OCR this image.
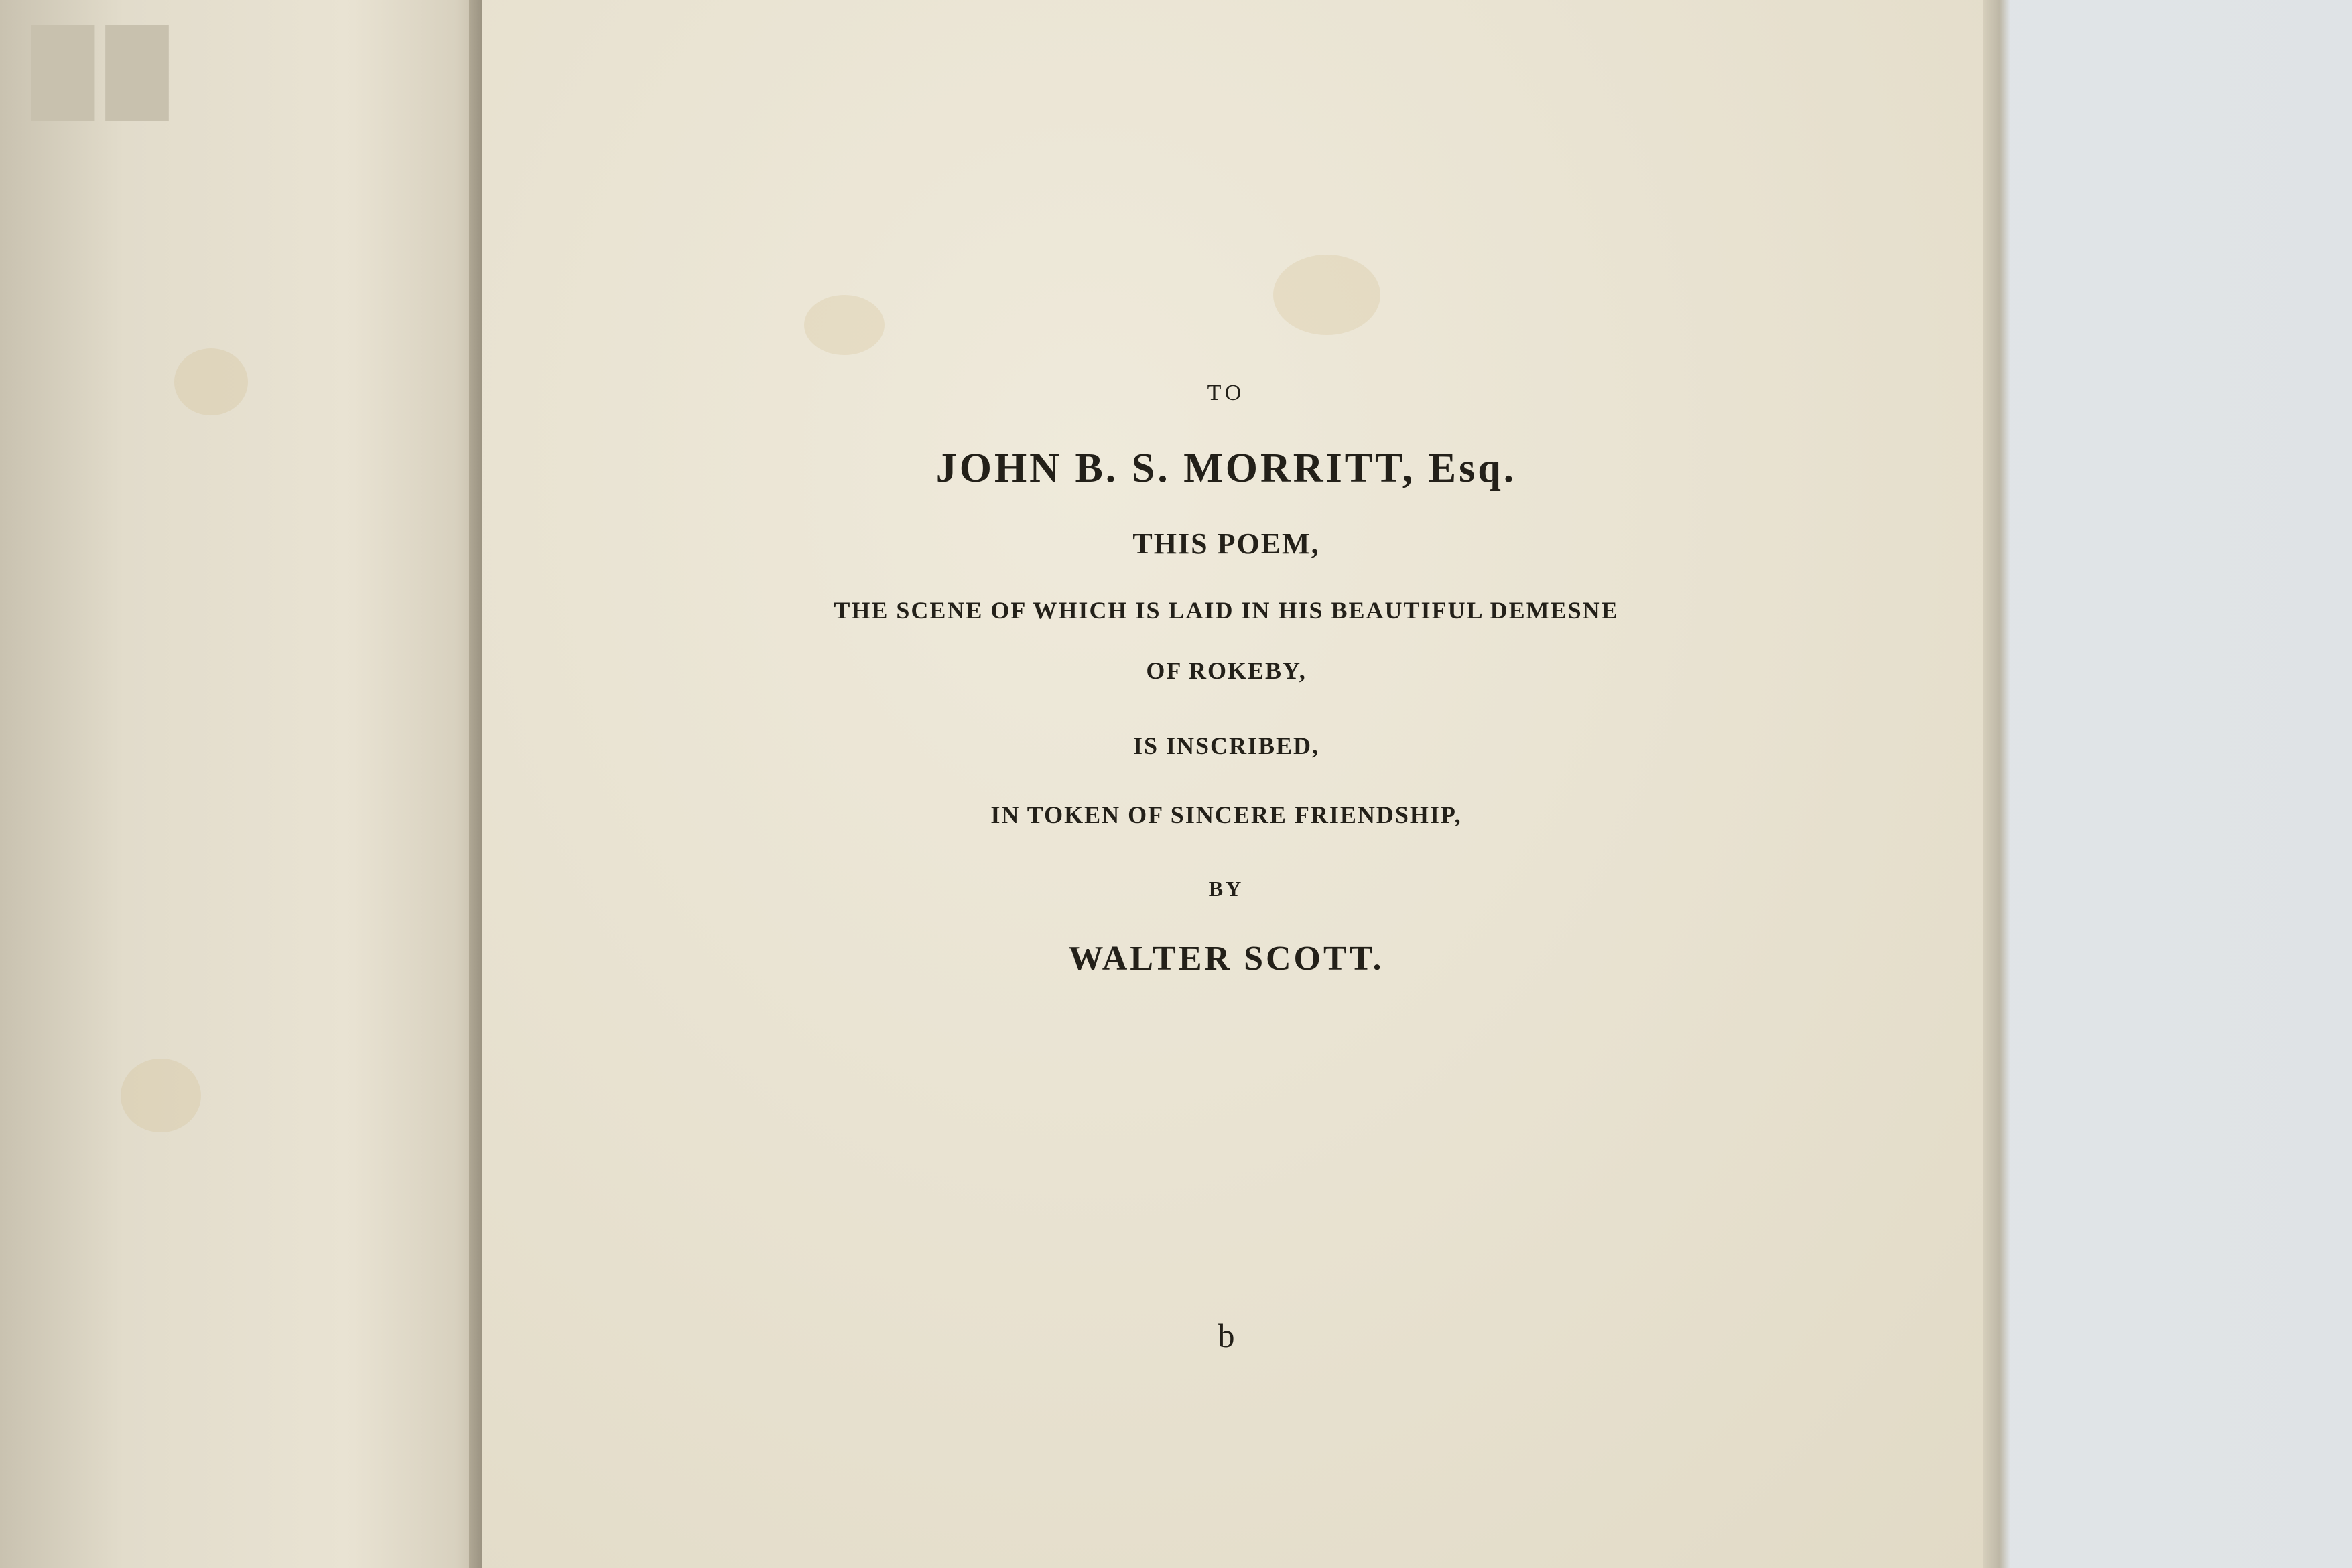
██
TO
JOHN B. S. MORRITT, Esq.
THIS POEM,
THE SCENE OF WHICH IS LAID IN HIS BEAUTIFUL DEMESNE
OF ROKEBY,
IS INSCRIBED,
IN TOKEN OF SINCERE FRIENDSHIP,
BY
WALTER SCOTT.
b
